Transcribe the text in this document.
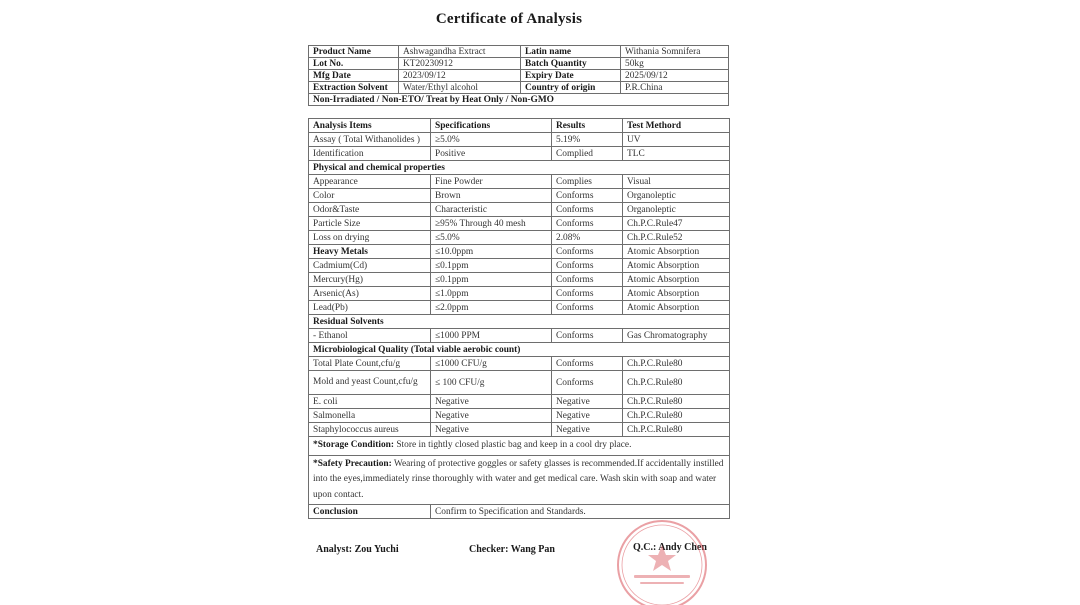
Certificate of Analysis
Product Name	Ashwagandha Extract	Latin name	Withania Somnifera
Lot No.	KT20230912	Batch Quantity	50kg
Mfg Date	2023/09/12	Expiry Date	2025/09/12
Extraction Solvent	Water/Ethyl alcohol	Country of origin	P.R.China
Non-Irradiated / Non-ETO/ Treat by Heat Only / Non-GMO			
Analysis Items	Specifications	Results	Test Methord
Assay ( Total Withanolides )	≥5.0%	5.19%	UV
Identification	Positive	Complied	TLC
Physical and chemical properties			
Appearance	Fine Powder	Complies	Visual
Color	Brown	Conforms	Organoleptic
Odor&Taste	Characteristic	Conforms	Organoleptic
Particle Size	≥95% Through 40 mesh	Conforms	Ch.P.C.Rule47
Loss on drying	≤5.0%	2.08%	Ch.P.C.Rule52
Heavy Metals	≤10.0ppm	Conforms	Atomic Absorption
Cadmium(Cd)	≤0.1ppm	Conforms	Atomic Absorption
Mercury(Hg)	≤0.1ppm	Conforms	Atomic Absorption
Arsenic(As)	≤1.0ppm	Conforms	Atomic Absorption
Lead(Pb)	≤2.0ppm	Conforms	Atomic Absorption
Residual Solvents			
- Ethanol	≤1000 PPM	Conforms	Gas Chromatography
Microbiological Quality (Total viable aerobic count)			
Total Plate Count,cfu/g	≤1000 CFU/g	Conforms	Ch.P.C.Rule80
Mold and yeast Count,cfu/g	≤ 100 CFU/g	Conforms	Ch.P.C.Rule80
E. coli	Negative	Negative	Ch.P.C.Rule80
Salmonella	Negative	Negative	Ch.P.C.Rule80
Staphylococcus aureus	Negative	Negative	Ch.P.C.Rule80
*Storage Condition: Store in tightly closed plastic bag and keep in a cool dry place.			
*Safety Precaution: Wearing of protective goggles or safety glasses is recommended.If accidentally instilled into the eyes,immediately rinse thoroughly with water and get medical care. Wash skin with soap and water upon contact.			
Conclusion	Confirm to Specification and Standards.		
Analyst: Zou Yuchi	Checker: Wang Pan	Q.C.: Andy Chen
